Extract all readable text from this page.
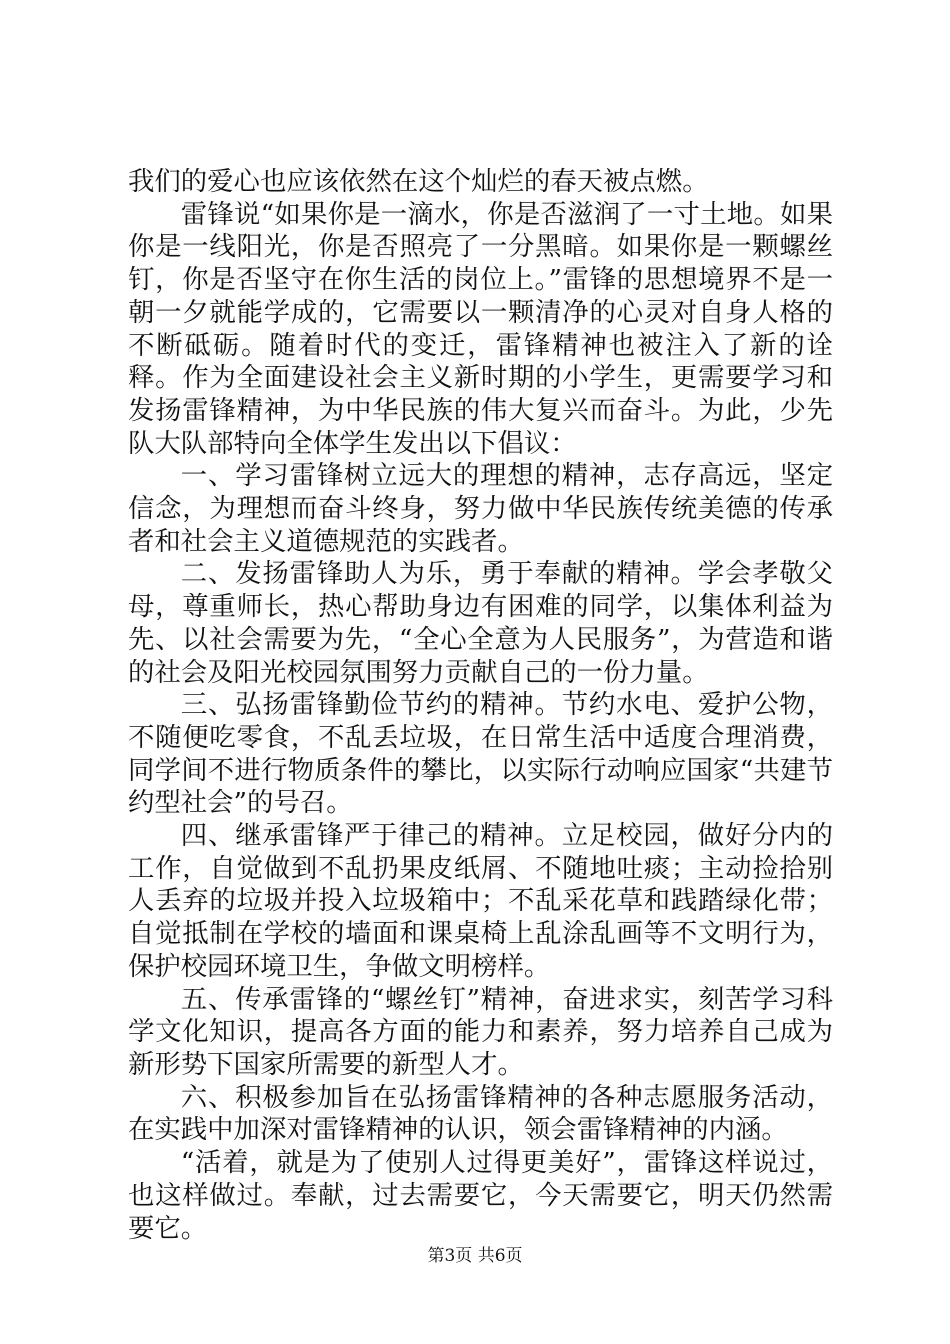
我们的爱心也应该依然在这个灿烂的春天被点燃。

雷锋说“如果你是一滴水，你是否滋润了一寸土地。如果你是一线阳光，你是否照亮了一分黑暗。如果你是一颗螺丝钉，你是否坚守在你生活的岗位上。”雷锋的思想境界不是一朝一夕就能学成的，它需要以一颗清净的心灵对自身人格的不断砥砺。随着时代的变迁，雷锋精神也被注入了新的诠释。作为全面建设社会主义新时期的小学生，更需要学习和发扬雷锋精神，为中华民族的伟大复兴而奋斗。为此，少先队大队部特向全体学生发出以下倡议：

一、学习雷锋树立远大的理想的精神，志存高远，坚定信念，为理想而奋斗终身，努力做中华民族传统美德的传承者和社会主义道德规范的实践者。

二、发扬雷锋助人为乐，勇于奉献的精神。学会孝敬父母，尊重师长，热心帮助身边有困难的同学，以集体利益为先、以社会需要为先，“全心全意为人民服务”，为营造和谐的社会及阳光校园氛围努力贡献自己的一份力量。

三、弘扬雷锋勤俭节约的精神。节约水电、爱护公物，不随便吃零食，不乱丢垃圾，在日常生活中适度合理消费，同学间不进行物质条件的攀比，以实际行动响应国家“共建节约型社会”的号召。

四、继承雷锋严于律己的精神。立足校园，做好分内的工作，自觉做到不乱扔果皮纸屑、不随地吐痰；主动捡拾别人丢弃的垃圾并投入垃圾箱中；不乱采花草和践踏绿化带；自觉抵制在学校的墙面和课桌椅上乱涂乱画等不文明行为，保护校园环境卫生，争做文明榜样。

五、传承雷锋的“螺丝钉”精神，奋进求实，刻苦学习科学文化知识，提高各方面的能力和素养，努力培养自己成为新形势下国家所需要的新型人才。

六、积极参加旨在弘扬雷锋精神的各种志愿服务活动，在实践中加深对雷锋精神的认识，领会雷锋精神的内涵。

“活着，就是为了使别人过得更美好”，雷锋这样说过，也这样做过。奉献，过去需要它，今天需要它，明天仍然需要它。

第3页 共6页
